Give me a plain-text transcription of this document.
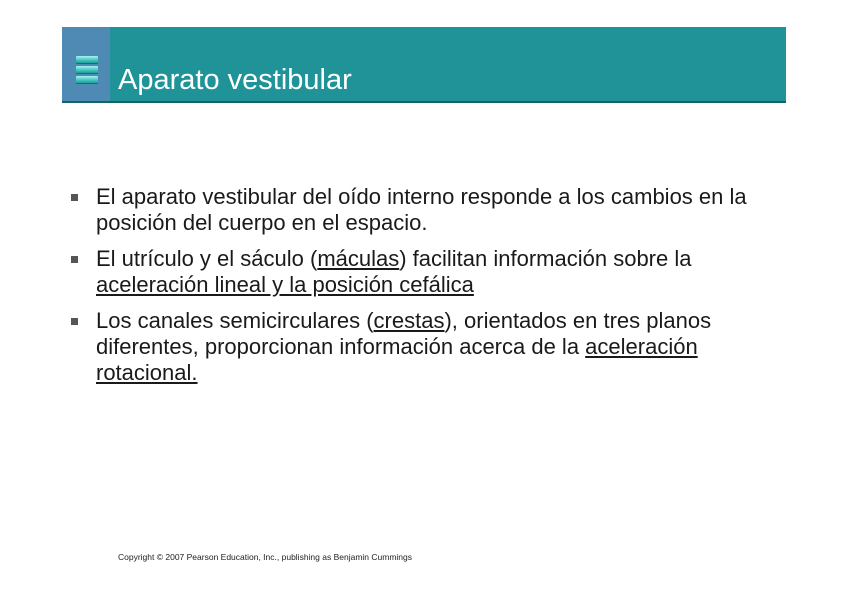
Aparato vestibular
El aparato vestibular del oído interno responde a los cambios en la posición del cuerpo en el espacio.
El utrículo y el sáculo (máculas) facilitan información sobre la aceleración lineal y la posición cefálica
Los canales semicirculares (crestas), orientados en tres planos diferentes, proporcionan información acerca de la aceleración rotacional.
Copyright © 2007 Pearson Education, Inc., publishing as Benjamin Cummings
